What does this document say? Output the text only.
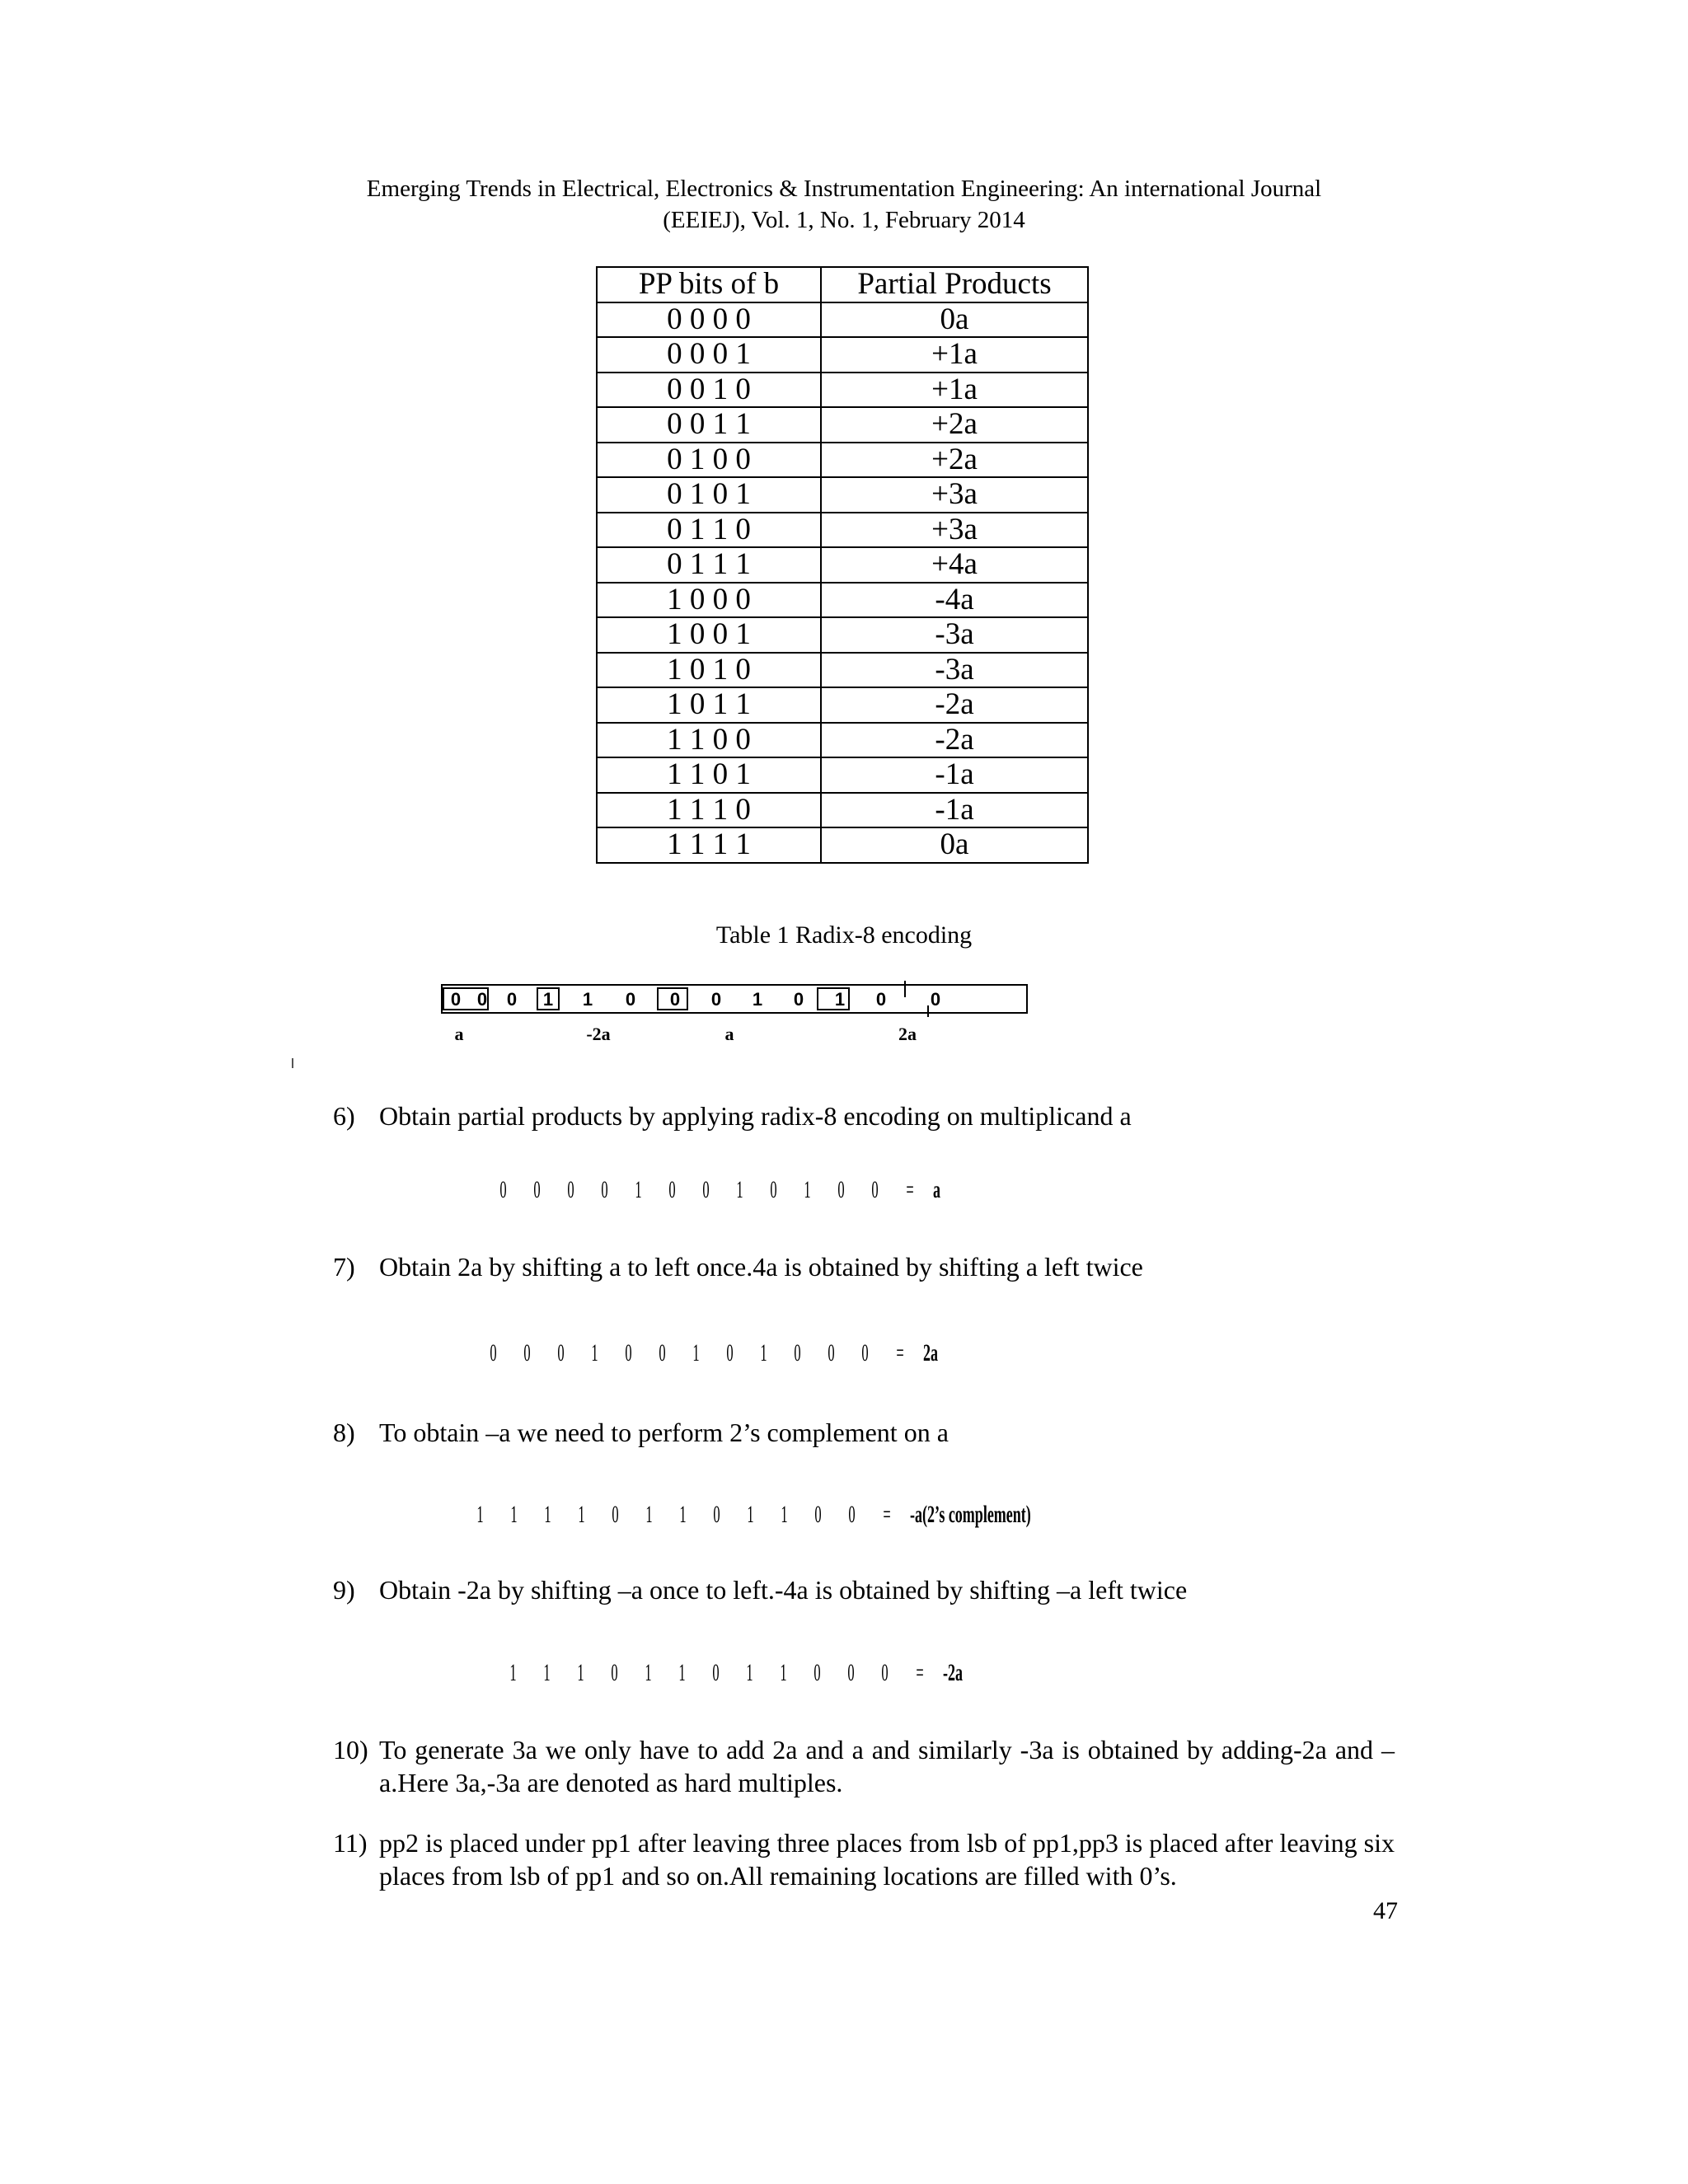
Emerging Trends in Electrical, Electronics & Instrumentation Engineering: An international Journal
(EEIEJ), Vol. 1, No. 1, February 2014
PP bits of b	Partial Products
0 0 0 0	0a
0 0 0 1	+1a
0 0 1 0	+1a
0 0 1 1	+2a
0 1 0 0	+2a
0 1 0 1	+3a
0 1 1 0	+3a
0 1 1 1	+4a
1 0 0 0	-4a
1 0 0 1	-3a
1 0 1 0	-3a
1 0 1 1	-2a
1 1 0 0	-2a
1 1 0 1	-1a
1 1 1 0	-1a
1 1 1 1	0a
Table 1 Radix-8 encoding
0 0	0	1	1	0	0	0	1	0	1	0	0
a	-2a	a	2a
6) Obtain partial products by applying radix-8 encoding on multiplicand a
7) Obtain 2a by shifting a to left once.4a is obtained by shifting a left twice
8) To obtain –a we need to perform 2’s complement on a
9) Obtain -2a by shifting –a once to left.-4a is obtained by shifting –a left twice
10) To generate 3a we only have to add 2a and a and similarly -3a is obtained by adding-2a and –a.Here 3a,-3a are denoted as hard multiples.
11) pp2 is placed under pp1 after leaving three places from lsb of pp1,pp3 is placed after leaving six places from lsb of pp1 and so on.All remaining locations are filled with 0’s.
0 0 0 0 1 0 0 1 0 1 0 0 = a
0 0 0 1 0 0 1 0 1 0 0 0 = 2a
1 1 1 1 0 1 1 0 1 1 0 0 = -a(2’s complement)
1 1 1 0 1 1 0 1 1 0 0 0 = -2a
47
